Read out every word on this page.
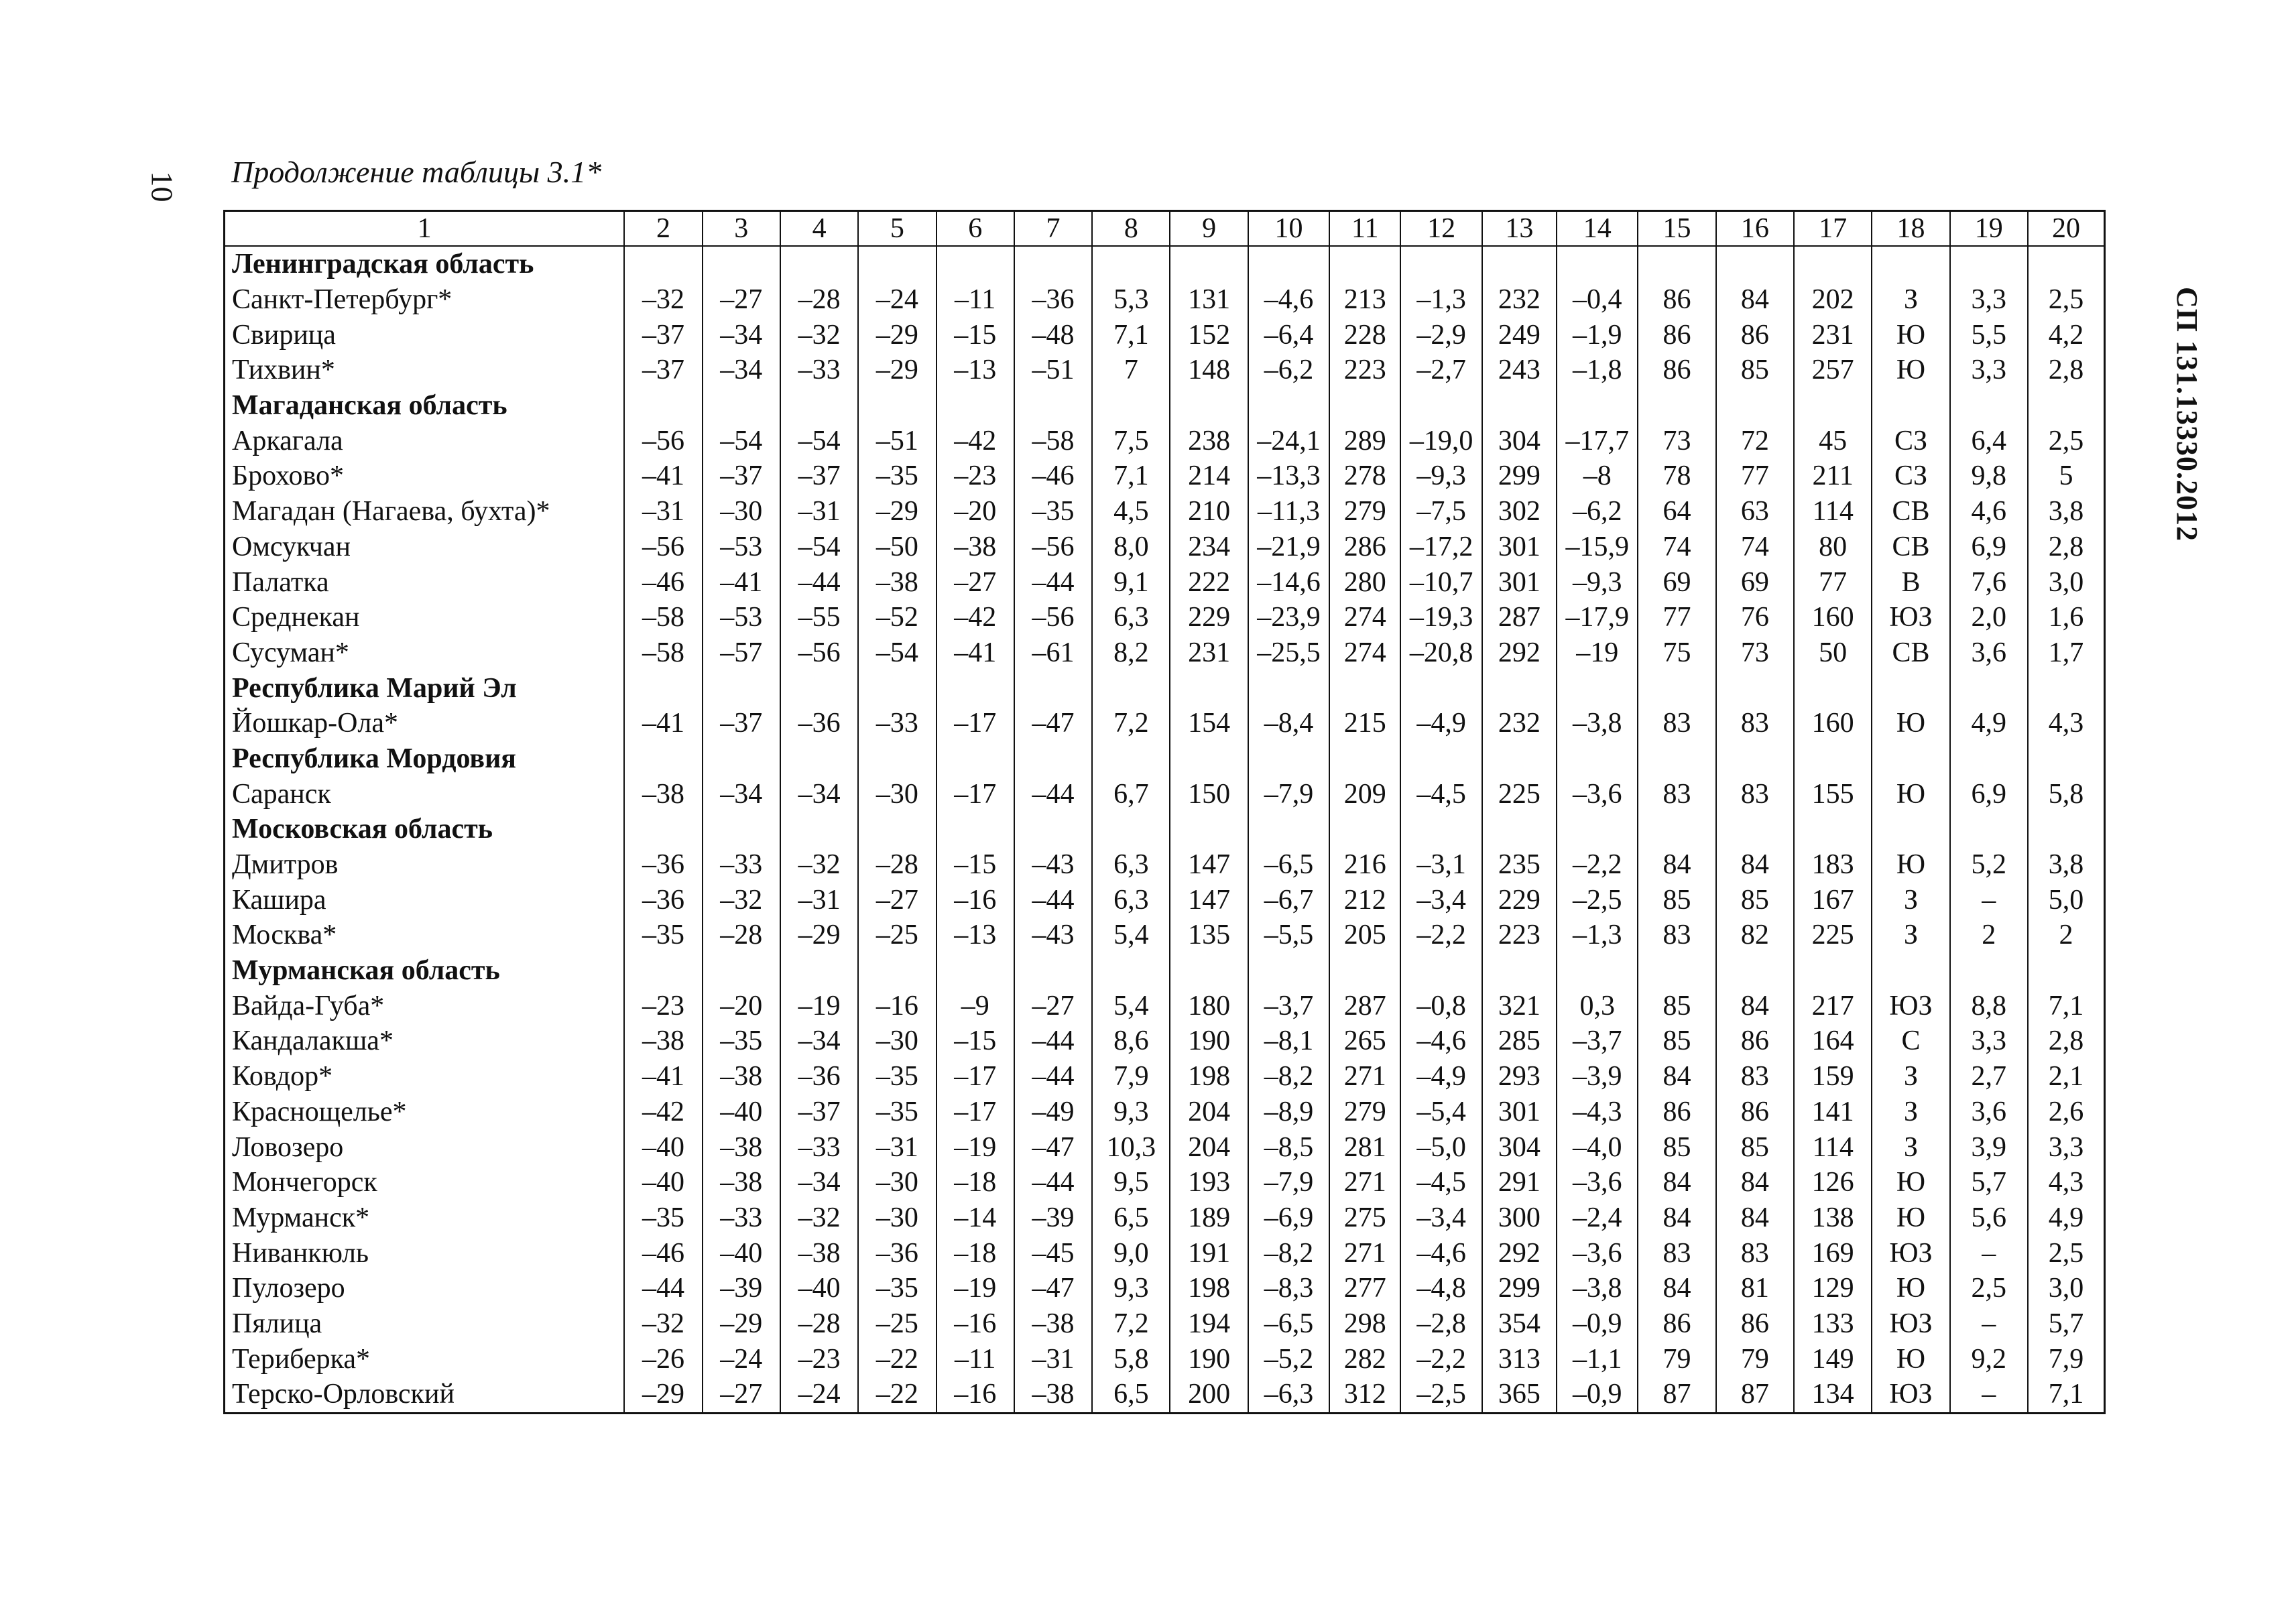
10
СП 131.13330.2012
Продолжение таблицы 3.1*
1	2	3	4	5	6	7	8	9	10	11	12	13	14	15	16	17	18	19	20
Ленинградская область																			
Санкт-Петербург*	–32	–27	–28	–24	–11	–36	5,3	131	–4,6	213	–1,3	232	–0,4	86	84	202	З	3,3	2,5
Свирица	–37	–34	–32	–29	–15	–48	7,1	152	–6,4	228	–2,9	249	–1,9	86	86	231	Ю	5,5	4,2
Тихвин*	–37	–34	–33	–29	–13	–51	7	148	–6,2	223	–2,7	243	–1,8	86	85	257	Ю	3,3	2,8
Магаданская область																			
Аркагала	–56	–54	–54	–51	–42	–58	7,5	238	–24,1	289	–19,0	304	–17,7	73	72	45	СЗ	6,4	2,5
Брохово*	–41	–37	–37	–35	–23	–46	7,1	214	–13,3	278	–9,3	299	–8	78	77	211	СЗ	9,8	5
Магадан (Нагаева, бухта)*	–31	–30	–31	–29	–20	–35	4,5	210	–11,3	279	–7,5	302	–6,2	64	63	114	СВ	4,6	3,8
Омсукчан	–56	–53	–54	–50	–38	–56	8,0	234	–21,9	286	–17,2	301	–15,9	74	74	80	СВ	6,9	2,8
Палатка	–46	–41	–44	–38	–27	–44	9,1	222	–14,6	280	–10,7	301	–9,3	69	69	77	В	7,6	3,0
Среднекан	–58	–53	–55	–52	–42	–56	6,3	229	–23,9	274	–19,3	287	–17,9	77	76	160	ЮЗ	2,0	1,6
Сусуман*	–58	–57	–56	–54	–41	–61	8,2	231	–25,5	274	–20,8	292	–19	75	73	50	СВ	3,6	1,7
Республика Марий Эл																			
Йошкар-Ола*	–41	–37	–36	–33	–17	–47	7,2	154	–8,4	215	–4,9	232	–3,8	83	83	160	Ю	4,9	4,3
Республика Мордовия																			
Саранск	–38	–34	–34	–30	–17	–44	6,7	150	–7,9	209	–4,5	225	–3,6	83	83	155	Ю	6,9	5,8
Московская область																			
Дмитров	–36	–33	–32	–28	–15	–43	6,3	147	–6,5	216	–3,1	235	–2,2	84	84	183	Ю	5,2	3,8
Кашира	–36	–32	–31	–27	–16	–44	6,3	147	–6,7	212	–3,4	229	–2,5	85	85	167	З	–	5,0
Москва*	–35	–28	–29	–25	–13	–43	5,4	135	–5,5	205	–2,2	223	–1,3	83	82	225	З	2	2
Мурманская область																			
Вайда-Губа*	–23	–20	–19	–16	–9	–27	5,4	180	–3,7	287	–0,8	321	0,3	85	84	217	ЮЗ	8,8	7,1
Кандалакша*	–38	–35	–34	–30	–15	–44	8,6	190	–8,1	265	–4,6	285	–3,7	85	86	164	С	3,3	2,8
Ковдор*	–41	–38	–36	–35	–17	–44	7,9	198	–8,2	271	–4,9	293	–3,9	84	83	159	З	2,7	2,1
Краснощелье*	–42	–40	–37	–35	–17	–49	9,3	204	–8,9	279	–5,4	301	–4,3	86	86	141	З	3,6	2,6
Ловозеро	–40	–38	–33	–31	–19	–47	10,3	204	–8,5	281	–5,0	304	–4,0	85	85	114	З	3,9	3,3
Мончегорск	–40	–38	–34	–30	–18	–44	9,5	193	–7,9	271	–4,5	291	–3,6	84	84	126	Ю	5,7	4,3
Мурманск*	–35	–33	–32	–30	–14	–39	6,5	189	–6,9	275	–3,4	300	–2,4	84	84	138	Ю	5,6	4,9
Ниванкюль	–46	–40	–38	–36	–18	–45	9,0	191	–8,2	271	–4,6	292	–3,6	83	83	169	ЮЗ	–	2,5
Пулозеро	–44	–39	–40	–35	–19	–47	9,3	198	–8,3	277	–4,8	299	–3,8	84	81	129	Ю	2,5	3,0
Пялица	–32	–29	–28	–25	–16	–38	7,2	194	–6,5	298	–2,8	354	–0,9	86	86	133	ЮЗ	–	5,7
Териберка*	–26	–24	–23	–22	–11	–31	5,8	190	–5,2	282	–2,2	313	–1,1	79	79	149	Ю	9,2	7,9
Терско-Орловский	–29	–27	–24	–22	–16	–38	6,5	200	–6,3	312	–2,5	365	–0,9	87	87	134	ЮЗ	–	7,1
